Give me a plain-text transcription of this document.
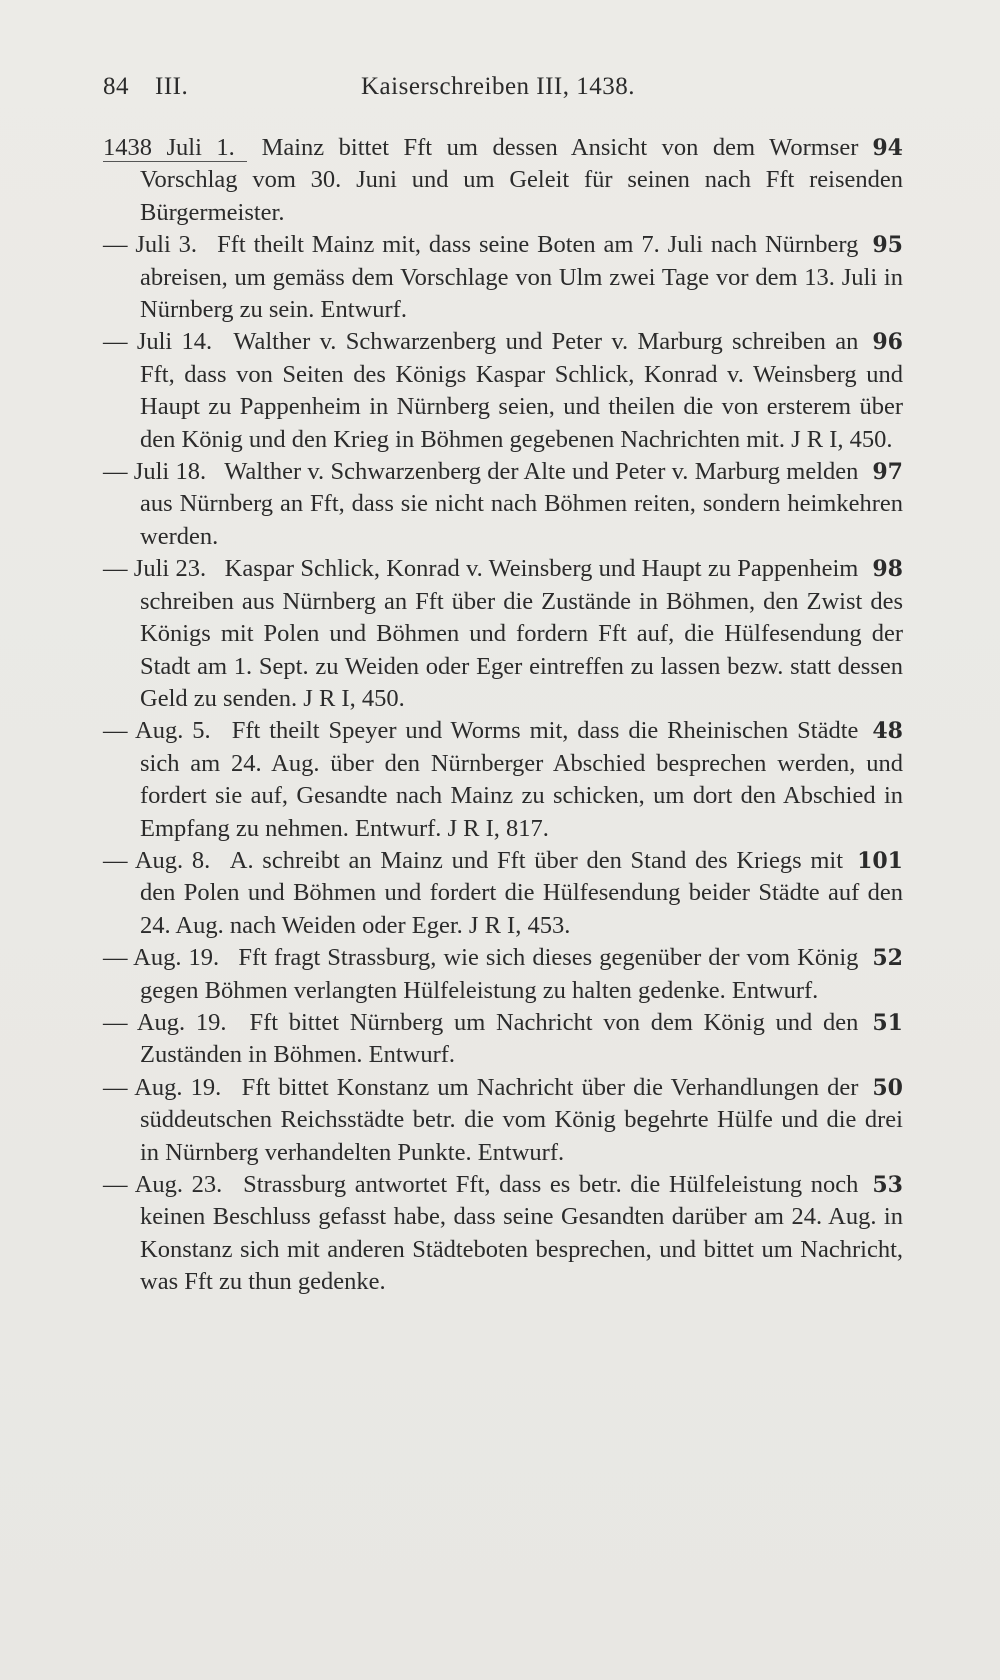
84 III.	Kaiserschreiben III, 1438.
94
1438 Juli 1.  Mainz bittet Fft um dessen Ansicht von dem Wormser Vorschlag vom 30. Juni und um Geleit für seinen nach Fft reisenden Bürgermeister.
95
— Juli 3.  Fft theilt Mainz mit, dass seine Boten am 7. Juli nach Nürnberg abreisen, um gemäss dem Vorschlage von Ulm zwei Tage vor dem 13. Juli in Nürnberg zu sein. Entwurf.
96
— Juli 14.  Walther v. Schwarzenberg und Peter v. Marburg schreiben an Fft, dass von Seiten des Königs Kaspar Schlick, Konrad v. Weinsberg und Haupt zu Pappenheim in Nürnberg seien, und theilen die von ersterem über den König und den Krieg in Böhmen gegebenen Nachrichten mit. J R I, 450.
97
— Juli 18.  Walther v. Schwarzenberg der Alte und Peter v. Marburg melden aus Nürnberg an Fft, dass sie nicht nach Böhmen reiten, sondern heimkehren werden.
98
— Juli 23.  Kaspar Schlick, Konrad v. Weinsberg und Haupt zu Pappenheim schreiben aus Nürnberg an Fft über die Zustände in Böhmen, den Zwist des Königs mit Polen und Böhmen und fordern Fft auf, die Hülfesendung der Stadt am 1. Sept. zu Weiden oder Eger eintreffen zu lassen bezw. statt dessen Geld zu senden. J R I, 450.
48
— Aug. 5.  Fft theilt Speyer und Worms mit, dass die Rheinischen Städte sich am 24. Aug. über den Nürnberger Abschied besprechen werden, und fordert sie auf, Gesandte nach Mainz zu schicken, um dort den Abschied in Empfang zu nehmen. Entwurf. J R I, 817.
101
— Aug. 8.  A. schreibt an Mainz und Fft über den Stand des Kriegs mit den Polen und Böhmen und fordert die Hülfesendung beider Städte auf den 24. Aug. nach Weiden oder Eger. J R I, 453.
52
— Aug. 19.  Fft fragt Strassburg, wie sich dieses gegenüber der vom König gegen Böhmen verlangten Hülfeleistung zu halten gedenke. Entwurf.
51
— Aug. 19.  Fft bittet Nürnberg um Nachricht von dem König und den Zuständen in Böhmen. Entwurf.
50
— Aug. 19.  Fft bittet Konstanz um Nachricht über die Verhandlungen der süddeutschen Reichsstädte betr. die vom König begehrte Hülfe und die drei in Nürnberg verhandelten Punkte. Entwurf.
53
— Aug. 23.  Strassburg antwortet Fft, dass es betr. die Hülfeleistung noch keinen Beschluss gefasst habe, dass seine Gesandten darüber am 24. Aug. in Konstanz sich mit anderen Städteboten besprechen, und bittet um Nachricht, was Fft zu thun gedenke.
